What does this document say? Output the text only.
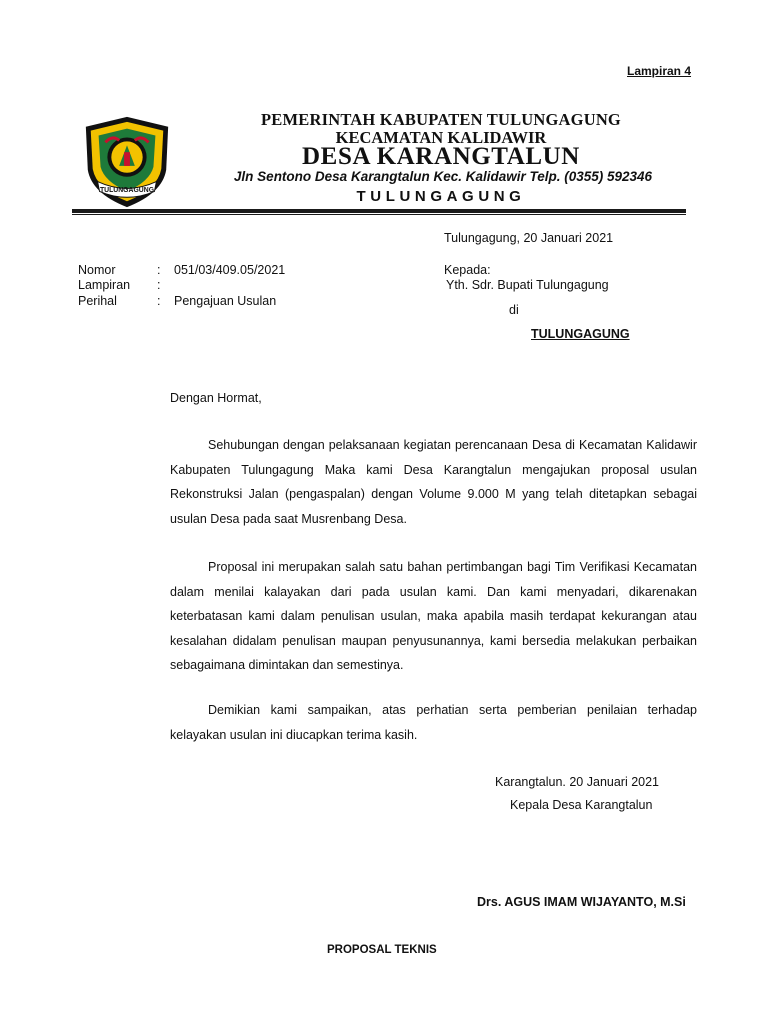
Lampiran 4
TULUNGAGUNG
PEMERINTAH KABUPATEN TULUNGAGUNG
KECAMATAN KALIDAWIR
DESA KARANGTALUN
Jln Sentono Desa Karangtalun Kec. Kalidawir Telp. (0355) 592346
TULUNGAGUNG
Tulungagung, 20 Januari 2021
Nomor	: 051/03/409.05/2021
Lampiran :
Perihal	: Pengajuan Usulan
Kepada:
Yth. Sdr. Bupati Tulungagung
di
TULUNGAGUNG
Dengan Hormat,

Sehubungan dengan pelaksanaan kegiatan perencanaan Desa di Kecamatan Kalidawir Kabupaten Tulungagung Maka kami Desa Karangtalun mengajukan proposal usulan Rekonstruksi Jalan (pengaspalan) dengan Volume 9.000 M yang telah ditetapkan sebagai usulan Desa pada saat Musrenbang Desa.

Proposal ini merupakan salah satu bahan pertimbangan bagi Tim Verifikasi Kecamatan dalam menilai kalayakan dari pada usulan kami. Dan kami menyadari, dikarenakan keterbatasan kami dalam penulisan usulan, maka apabila masih terdapat kekurangan atau kesalahan didalam penulisan maupan penyusunannya, kami bersedia melakukan perbaikan sebagaimana dimintakan dan semestinya.

Demikian kami sampaikan, atas perhatian serta pemberian penilaian terhadap kelayakan usulan ini diucapkan terima kasih.

Karangtalun. 20 Januari 2021
Kepala Desa Karangtalun
Drs. AGUS IMAM WIJAYANTO, M.Si
PROPOSAL TEKNIS
